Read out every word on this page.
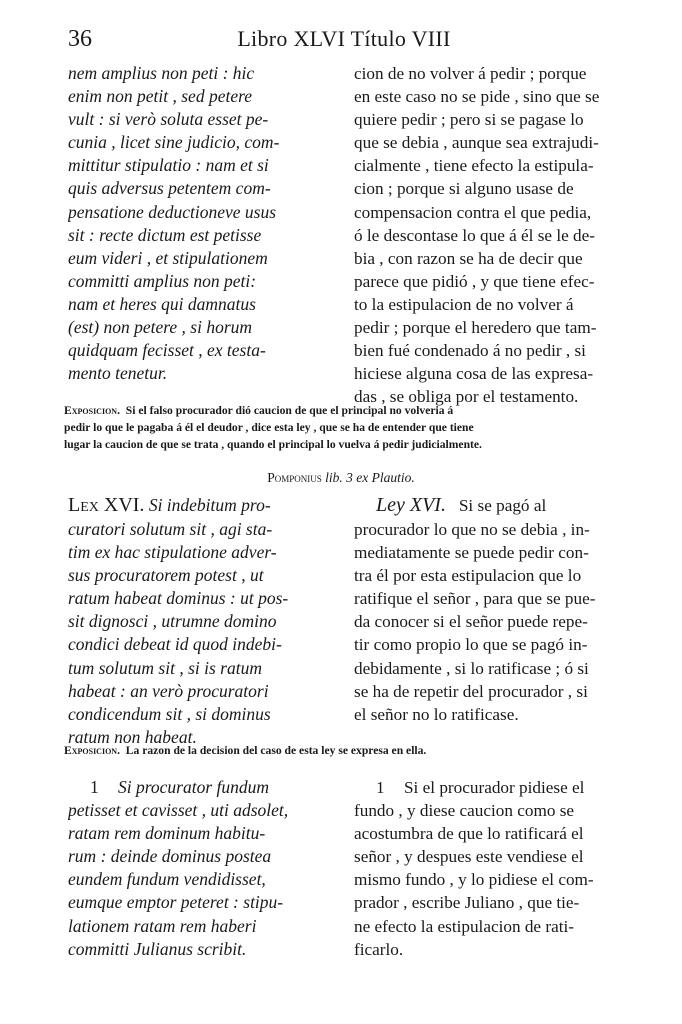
36	Libro XLVI Título VIII
nem amplius non peti : hic
enim non petit , sed petere
vult : si verò soluta esset pe-
cunia , licet sine judicio, com-
mittitur stipulatio : nam et si
quis adversus petentem com-
pensatione deductioneve usus
sit : recte dictum est petisse
eum videri , et stipulationem
committi amplius non peti:
nam et heres qui damnatus
(est) non petere , si horum
quidquam fecisset , ex testa-
mento tenetur.
cion de no volver á pedir ; porque
en este caso no se pide , sino que se
quiere pedir ; pero si se pagase lo
que se debia , aunque sea extrajudi-
cialmente , tiene efecto la estipula-
cion ; porque si alguno usase de
compensacion contra el que pedia,
ó le descontase lo que á él se le de-
bia , con razon se ha de decir que
parece que pidió , y que tiene efec-
to la estipulacion de no volver á
pedir ; porque el heredero que tam-
bien fué condenado á no pedir , si
hiciese alguna cosa de las expresa-
das , se obliga por el testamento.
Exposicion. Si el falso procurador dió caucion de que el principal no volveria á
pedir lo que le pagaba á él el deudor , dice esta ley , que se ha de entender que tiene
lugar la caucion de que se trata , quando el principal lo vuelva á pedir judicialmente.
Pomponius lib. 3 ex Plautio.
Lex XVI. Si indebitum pro-
curatori solutum sit , agi sta-
tim ex hac stipulatione adver-
sus procuratorem potest , ut
ratum habeat dominus : ut pos-
sit dignosci , utrumne domino
condici debeat id quod indebi-
tum solutum sit , si is ratum
habeat : an verò procuratori
condicendum sit , si dominus
ratum non habeat.
Ley XVI. Si se pagó al
procurador lo que no se debia , in-
mediatamente se puede pedir con-
tra él por esta estipulacion que lo
ratifique el señor , para que se pue-
da conocer si el señor puede repe-
tir como propio lo que se pagó in-
debidamente , si lo ratificase ; ó si
se ha de repetir del procurador , si
el señor no lo ratificase.
Exposicion. La razon de la decision del caso de esta ley se expresa en ella.
1 Si procurator fundum
petisset et cavisset , uti adsolet,
ratam rem dominum habitu-
rum : deinde dominus postea
eundem fundum vendidisset,
eumque emptor peteret : stipu-
lationem ratam rem haberi
committi Julianus scribit.
1 Si el procurador pidiese el
fundo , y diese caucion como se
acostumbra de que lo ratificará el
señor , y despues este vendiese el
mismo fundo , y lo pidiese el com-
prador , escribe Juliano , que tie-
ne efecto la estipulacion de rati-
ficarlo.
